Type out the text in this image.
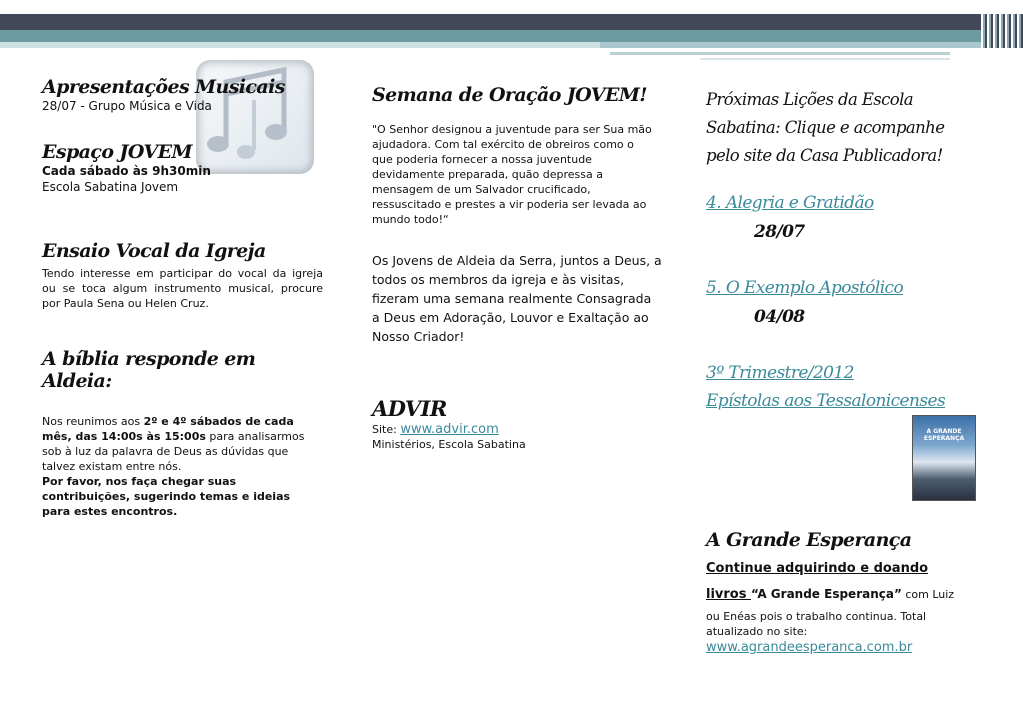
Apresentações Musicais
28/07 - Grupo Música e Vida
Espaço JOVEM
Cada sábado às 9h30min
Escola Sabatina Jovem
Ensaio Vocal da Igreja
Tendo interesse em participar do vocal da igreja ou se toca algum instrumento musical, procure por Paula Sena ou Helen Cruz.
A bíblia responde em Aldeia:
Nos reunimos aos 2º e 4º sábados de cada mês, das 14:00s às 15:00s para analisarmos sob à luz da palavra de Deus as dúvidas que talvez existam entre nós.
Por favor, nos faça chegar suas contribuições, sugerindo temas e ideias para estes encontros.
Semana de Oração JOVEM!
"O Senhor designou a juventude para ser Sua mão ajudadora. Com tal exército de obreiros como o que poderia fornecer a nossa juventude devidamente preparada, quão depressa a mensagem de um Salvador crucificado, ressuscitado e prestes a vir poderia ser levada ao mundo todo!“
Os Jovens de Aldeia da Serra, juntos a Deus, a todos os membros da igreja e às visitas, fizeram uma semana realmente Consagrada a Deus em Adoração, Louvor e Exaltação ao Nosso Criador!
ADVIR
Site: www.advir.com
Ministérios, Escola Sabatina
Próximas Lições da Escola Sabatina: Clique e acompanhe pelo site da Casa Publicadora!
4. Alegria e Gratidão
28/07
5. O Exemplo Apostólico
04/08
3º Trimestre/2012
Epístolas aos Tessalonicenses
A GRANDE ESPERANÇA
A Grande Esperança
Continue adquirindo e doando
livros “A Grande Esperança” com Luiz
ou Enéas pois o trabalho continua. Total atualizado no site:
www.agrandeesperanca.com.br
